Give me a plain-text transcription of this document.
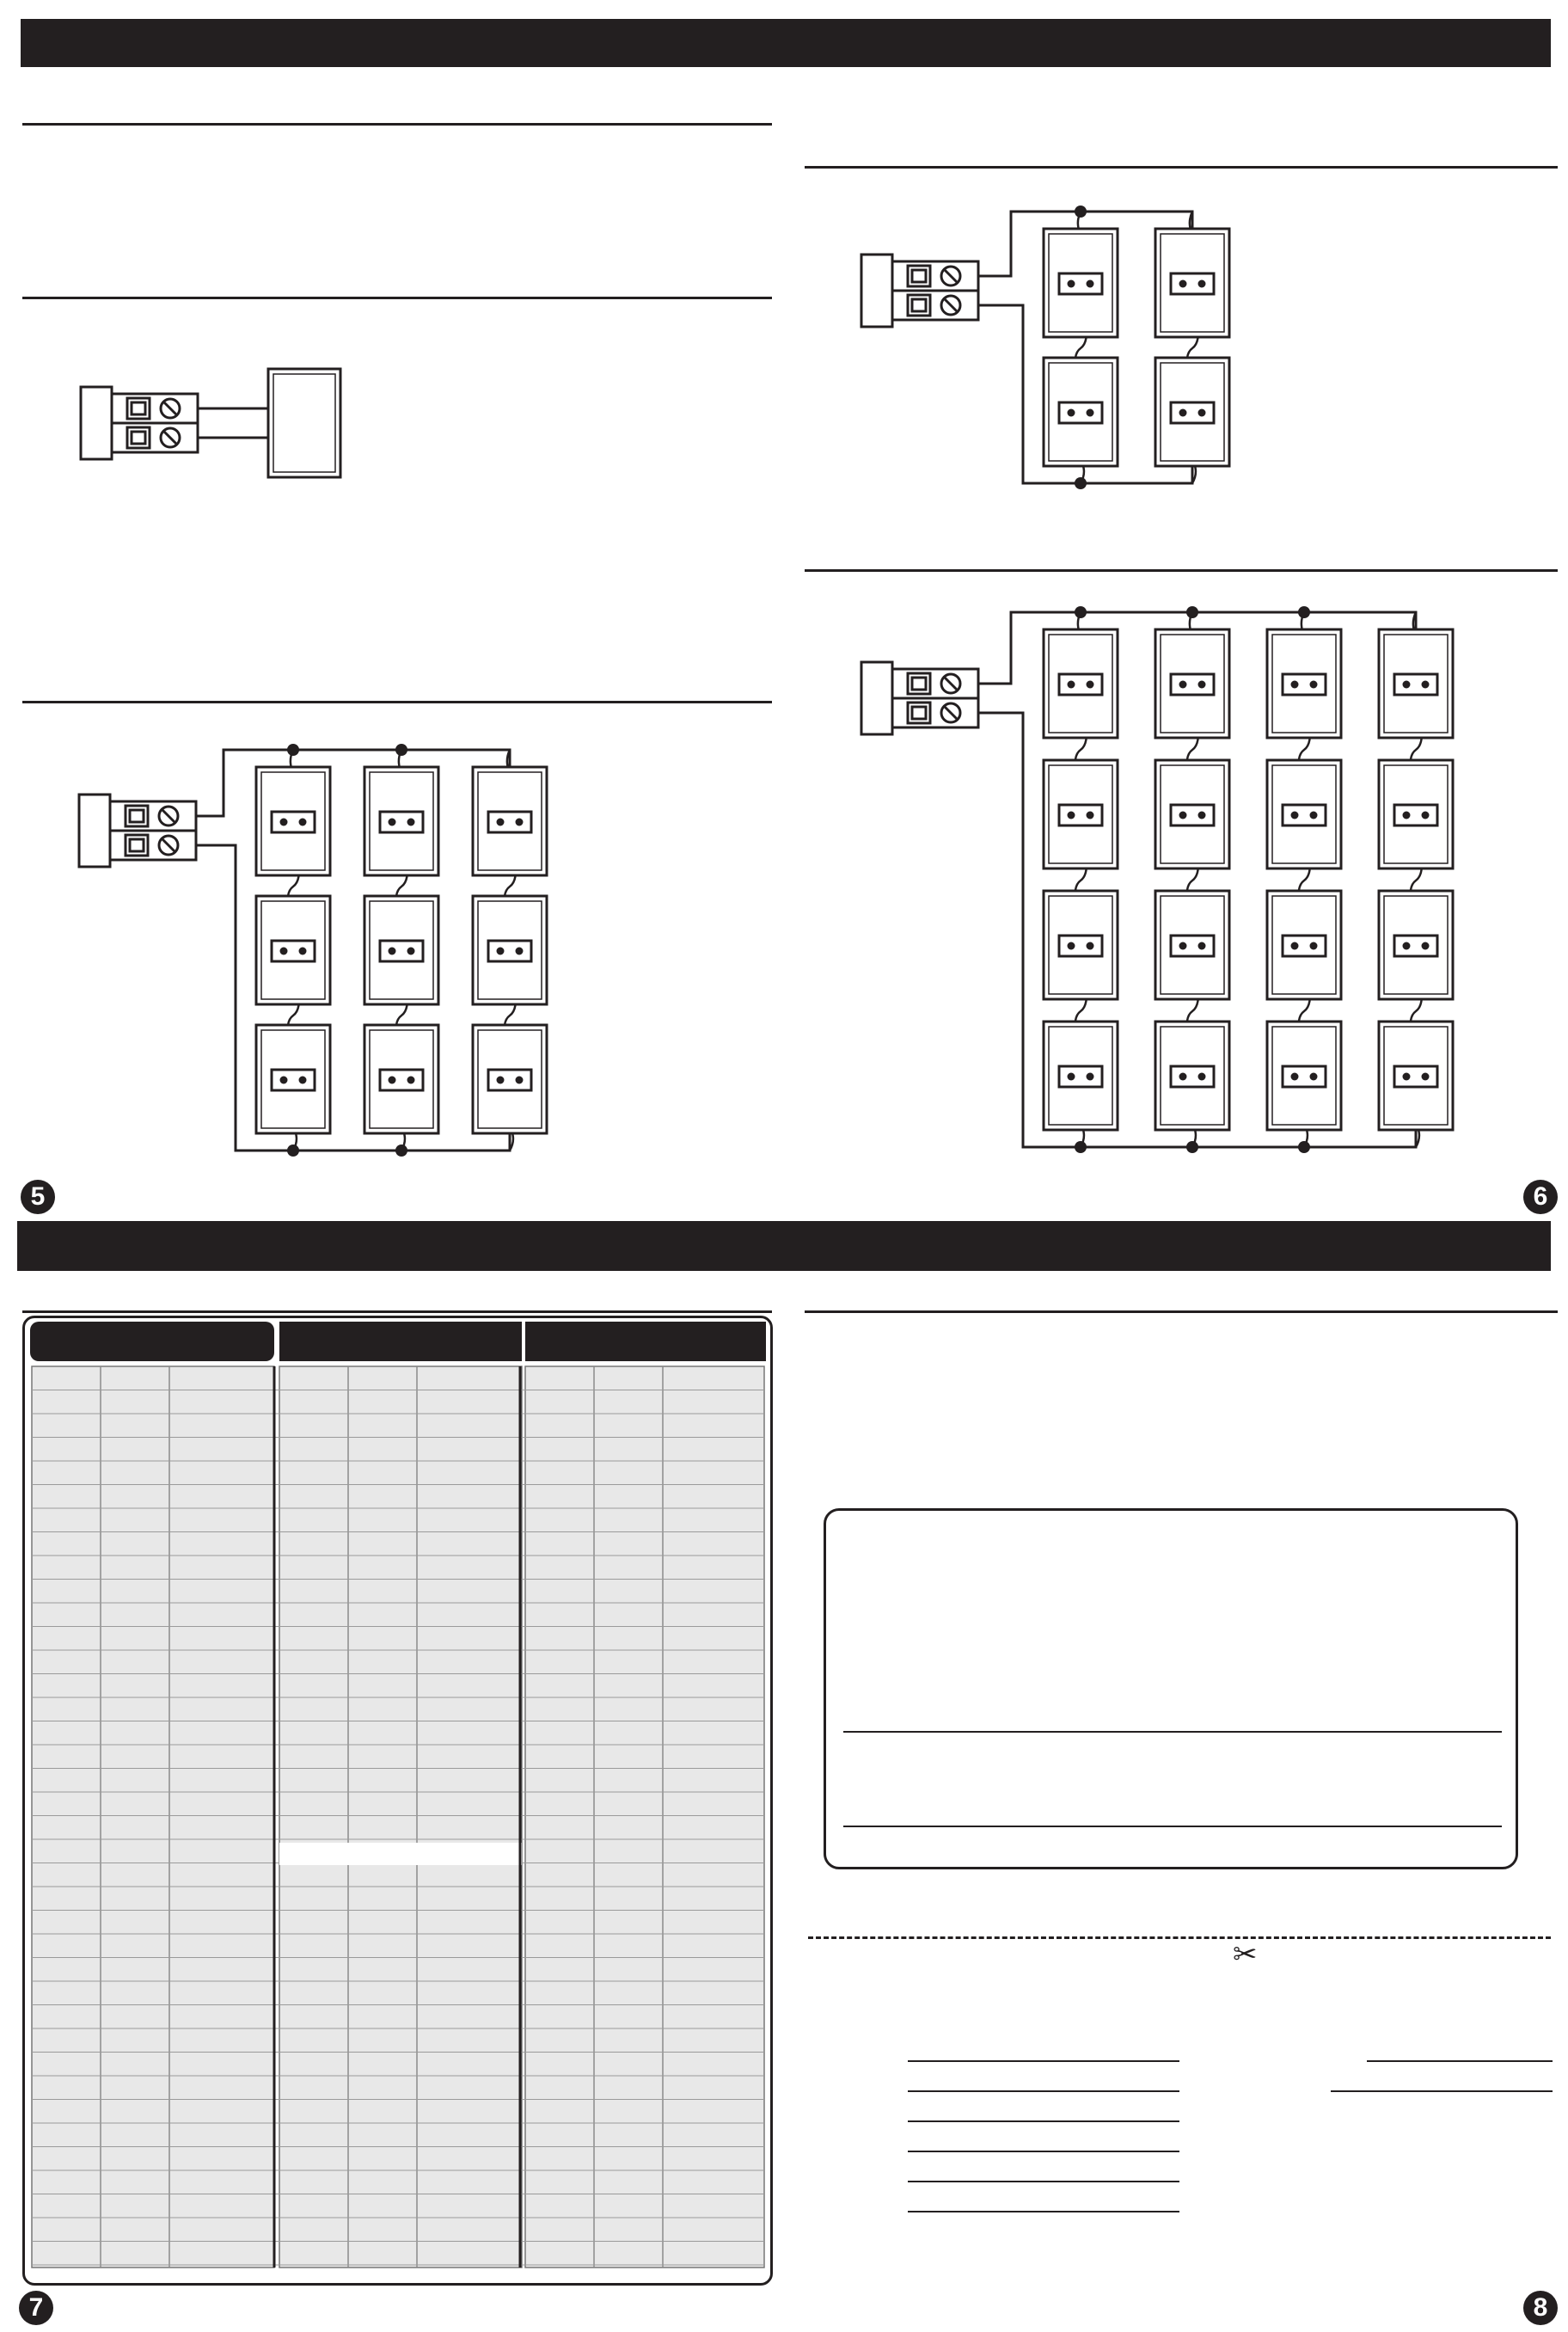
5	6
✂
7	8
